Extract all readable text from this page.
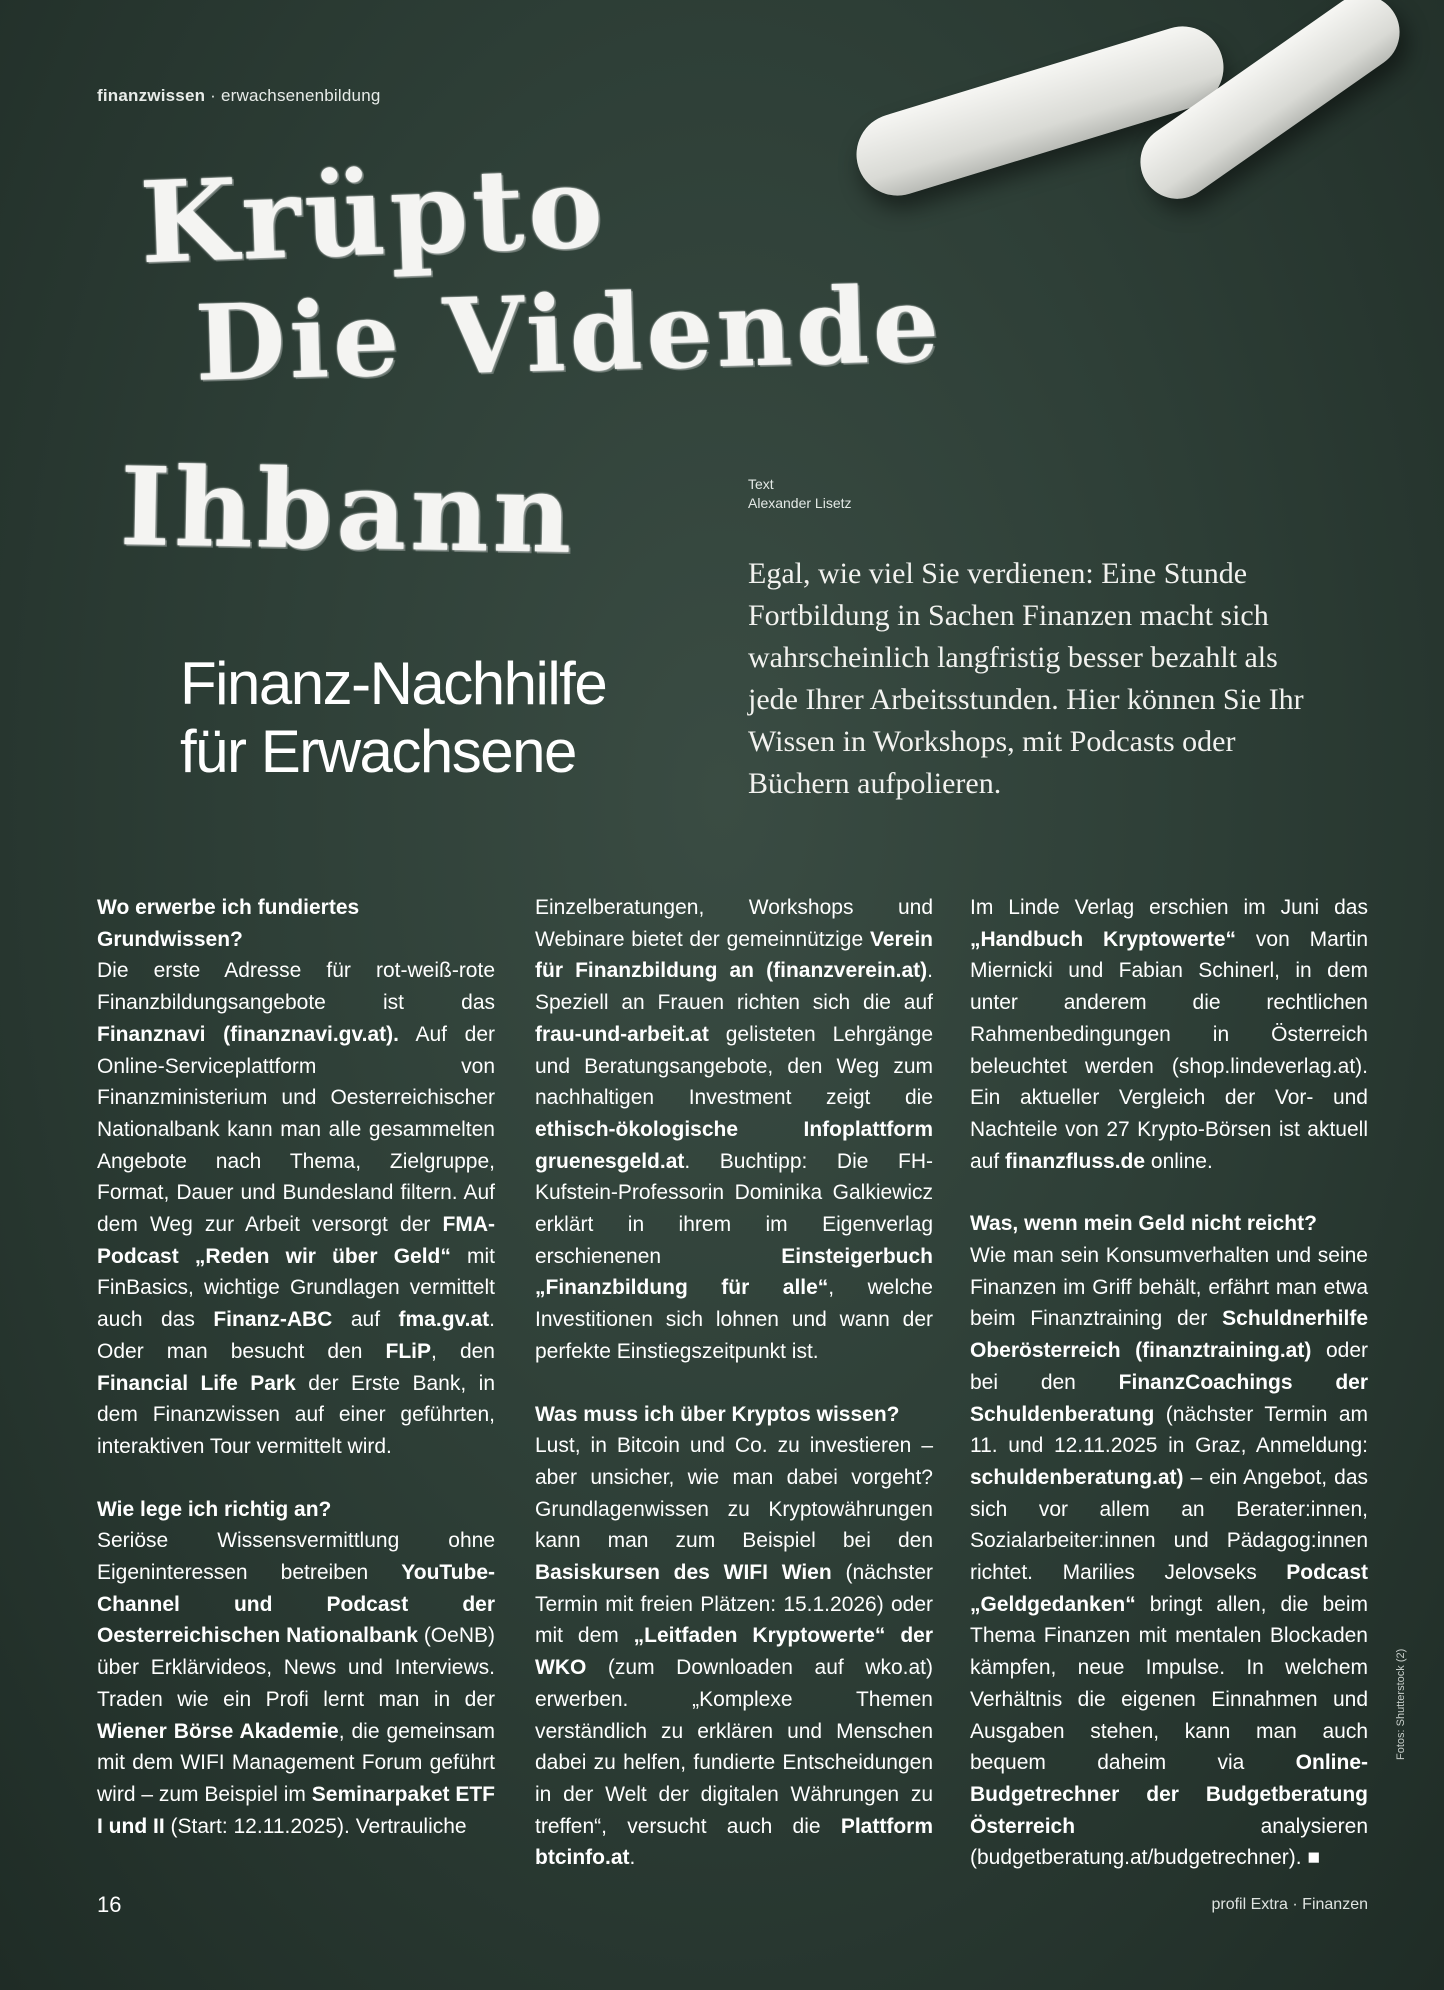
finanzwissen · erwachsenenbildung
Krüpto
Die Vidende
Ihbann	Text
Alexander Lisetz
Egal, wie viel Sie verdienen: Eine Stunde Fortbildung in Sachen Finanzen macht sich wahrscheinlich langfristig besser bezahlt als jede Ihrer Arbeitsstunden. Hier können Sie Ihr Wissen in Workshops, mit Podcasts oder Büchern aufpolieren.
Finanz-Nachhilfe
für Erwachsene
Wo erwerbe ich fundiertes Grundwissen?

Die erste Adresse für rot-weiß-rote Finanzbildungsangebote ist das Finanznavi (finanznavi.gv.at). Auf der Online-Serviceplattform von Finanzministerium und Oesterreichischer Nationalbank kann man alle gesammelten Angebote nach Thema, Zielgruppe, Format, Dauer und Bundesland filtern. Auf dem Weg zur Arbeit versorgt der FMA-Podcast „Reden wir über Geld“ mit FinBasics, wichtige Grundlagen vermittelt auch das Finanz-ABC auf fma.gv.at. Oder man besucht den FLiP, den Financial Life Park der Erste Bank, in dem Finanzwissen auf einer geführten, interaktiven Tour vermittelt wird.

Wie lege ich richtig an?

Seriöse Wissensvermittlung ohne Eigeninteressen betreiben YouTube-Channel und Podcast der Oesterreichischen Nationalbank (OeNB) über Erklärvideos, News und Interviews. Traden wie ein Profi lernt man in der Wiener Börse Akademie, die gemeinsam mit dem WIFI Management Forum geführt wird – zum Beispiel im Seminarpaket ETF I und II (Start: 12.11.2025). Vertrauliche

Einzelberatungen, Workshops und Webinare bietet der gemeinnützige Verein für Finanzbildung an (finanzverein.at). Speziell an Frauen richten sich die auf frau-und-arbeit.at gelisteten Lehrgänge und Beratungsangebote, den Weg zum nachhaltigen Investment zeigt die ethisch-ökologische Infoplattform gruenesgeld.at. Buchtipp: Die FH-Kufstein-Professorin Dominika Galkiewicz erklärt in ihrem im Eigenverlag erschienenen Einsteigerbuch „Finanzbildung für alle“, welche Investitionen sich lohnen und wann der perfekte Einstiegszeitpunkt ist.

Was muss ich über Kryptos wissen?

Lust, in Bitcoin und Co. zu investieren – aber unsicher, wie man dabei vorgeht? Grundlagenwissen zu Kryptowährungen kann man zum Beispiel bei den Basiskursen des WIFI Wien (nächster Termin mit freien Plätzen: 15.1.2026) oder mit dem „Leitfaden Kryptowerte“ der WKO (zum Downloaden auf wko.at) erwerben. „Komplexe Themen verständlich zu erklären und Menschen dabei zu helfen, fundierte Entscheidungen in der Welt der digitalen Währungen zu treffen“, versucht auch die Plattform btcinfo.at.

Im Linde Verlag erschien im Juni das „Handbuch Kryptowerte“ von Martin Miernicki und Fabian Schinerl, in dem unter anderem die rechtlichen Rahmenbedingungen in Österreich beleuchtet werden (shop.lindeverlag.at). Ein aktueller Vergleich der Vor- und Nachteile von 27 Krypto-Börsen ist aktuell auf finanzfluss.de online.

Was, wenn mein Geld nicht reicht?

Wie man sein Konsumverhalten und seine Finanzen im Griff behält, erfährt man etwa beim Finanztraining der Schuldnerhilfe Oberösterreich (finanztraining.at) oder bei den FinanzCoachings der Schuldenberatung (nächster Termin am 11. und 12.11.2025 in Graz, Anmeldung: schuldenberatung.at) – ein Angebot, das sich vor allem an Berater:innen, Sozialarbeiter:innen und Pädagog:innen richtet. Marilies Jelovseks Podcast „Geldgedanken“ bringt allen, die beim Thema Finanzen mit mentalen Blockaden kämpfen, neue Impulse. In welchem Verhältnis die eigenen Einnahmen und Ausgaben stehen, kann man auch bequem daheim via Online-Budgetrechner der Budgetberatung Österreich analysieren (budgetberatung.at/budgetrechner). ■

Fotos: Shutterstock (2)
16	profil Extra · Finanzen
